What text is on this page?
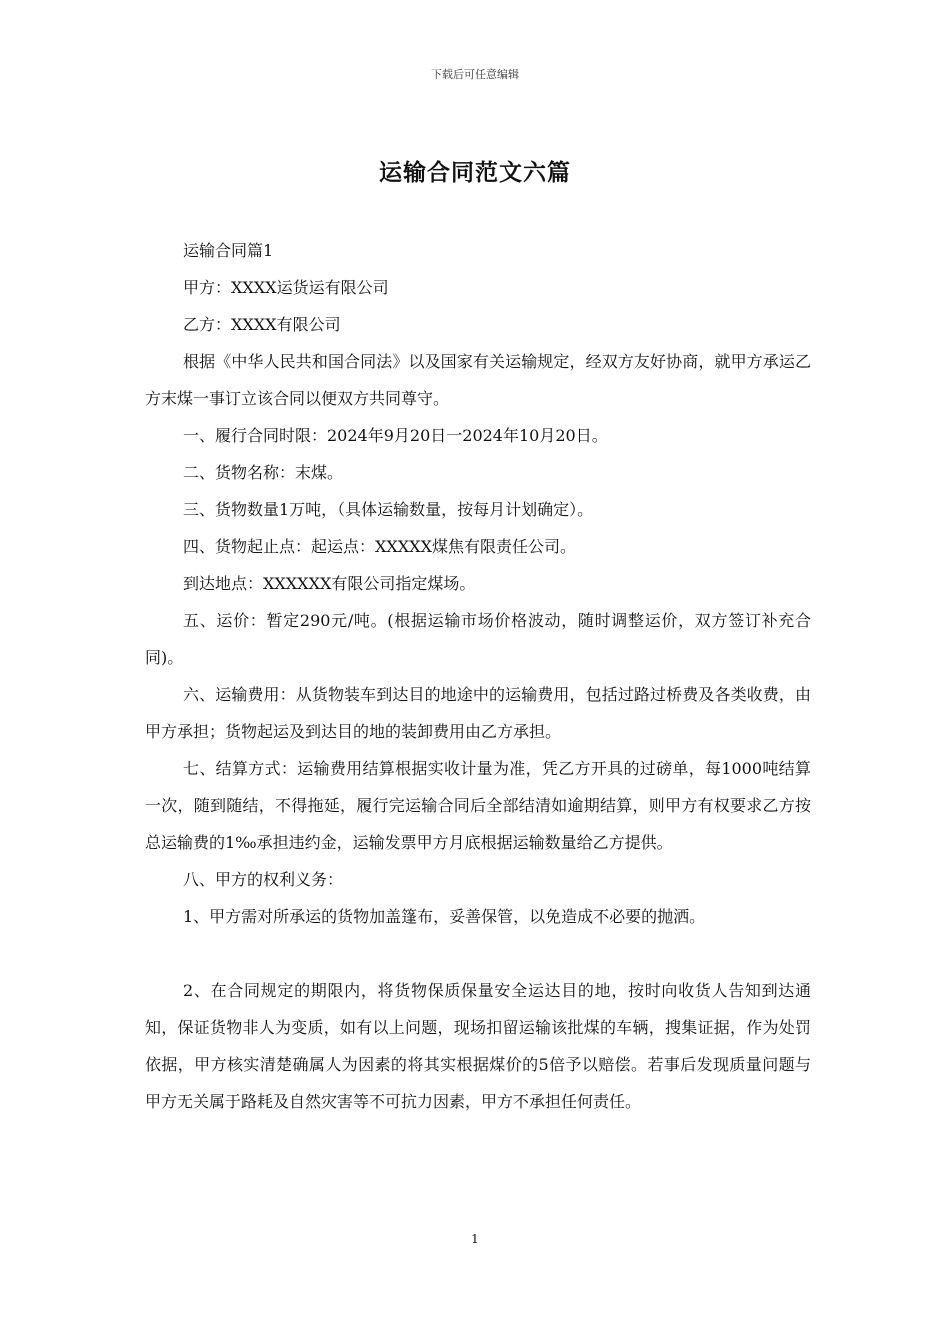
下载后可任意编辑
运输合同范文六篇

运输合同篇1

甲方：XXXX运货运有限公司

乙方：XXXX有限公司

根据《中华人民共和国合同法》以及国家有关运输规定，经双方友好协商，就甲方承运乙方末煤一事订立该合同以便双方共同尊守。

一、履行合同时限：2024年9月20日一2024年10月20日。

二、货物名称：末煤。

三、货物数量1万吨，（具体运输数量，按每月计划确定）。

四、货物起止点：起运点：XXXXX煤焦有限责任公司。

到达地点：XXXXXX有限公司指定煤场。

五、运价：暂定290元/吨。(根据运输市场价格波动，随时调整运价，双方签订补充合同)。

六、运输费用：从货物装车到达目的地途中的运输费用，包括过路过桥费及各类收费，由甲方承担；货物起运及到达目的地的装卸费用由乙方承担。

七、结算方式：运输费用结算根据实收计量为准，凭乙方开具的过磅单，每1000吨结算一次，随到随结，不得拖延，履行完运输合同后全部结清如逾期结算，则甲方有权要求乙方按总运输费的1‰承担违约金，运输发票甲方月底根据运输数量给乙方提供。

八、甲方的权利义务：

1、甲方需对所承运的货物加盖篷布，妥善保管，以免造成不必要的抛洒。

2、在合同规定的期限内，将货物保质保量安全运达目的地，按时向收货人告知到达通知，保证货物非人为变质，如有以上问题，现场扣留运输该批煤的车辆，搜集证据，作为处罚依据，甲方核实清楚确属人为因素的将其实根据煤价的5倍予以赔偿。若事后发现质量问题与甲方无关属于路耗及自然灾害等不可抗力因素，甲方不承担任何责任。

1
